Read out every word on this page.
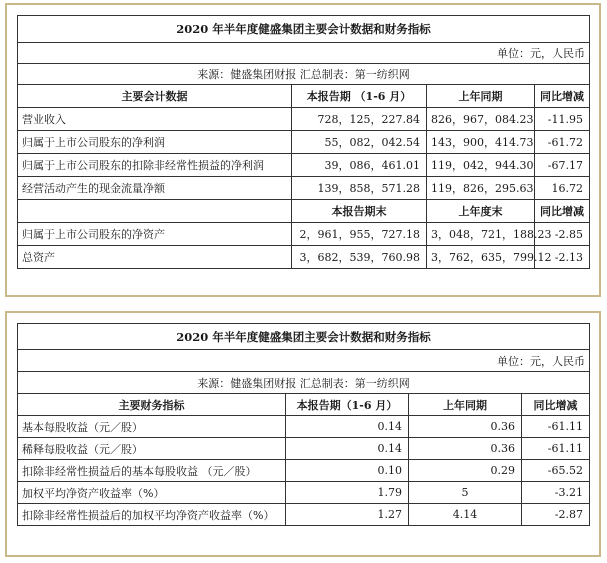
2020 年半年度健盛集团主要会计数据和财务指标			
单位：元，人民币			
来源：健盛集团财报 汇总制表：第一纺织网			
主要会计数据	本报告期 （1-6 月）	上年同期	同比增减
营业收入	728，125，227.84	826，967，084.23	-11.95
归属于上市公司股东的净利润	55，082，042.54	143，900，414.73	-61.72
归属于上市公司股东的扣除非经常性损益的净利润	39，086，461.01	119，042，944.30	-67.17
经营活动产生的现金流量净额	139，858，571.28	119，826，295.63	16.72
	本报告期末	上年度末	同比增减
归属于上市公司股东的净资产	2，961，955，727.18	3，048，721，188.23	-2.85
总资产	3，682，539，760.98	3，762，635，799.12	-2.13
2020 年半年度健盛集团主要会计数据和财务指标			
单位：元，人民币			
来源：健盛集团财报 汇总制表：第一纺织网			
主要财务指标	本报告期（1-6 月）	上年同期	同比增减
基本每股收益（元／股）	0.14	0.36	-61.11
稀释每股收益（元／股）	0.14	0.36	-61.11
扣除非经常性损益后的基本每股收益 （元／股）	0.10	0.29	-65.52
加权平均净资产收益率（%）	1.79	5	-3.21
扣除非经常性损益后的加权平均净资产收益率（%）	1.27	4.14	-2.87
